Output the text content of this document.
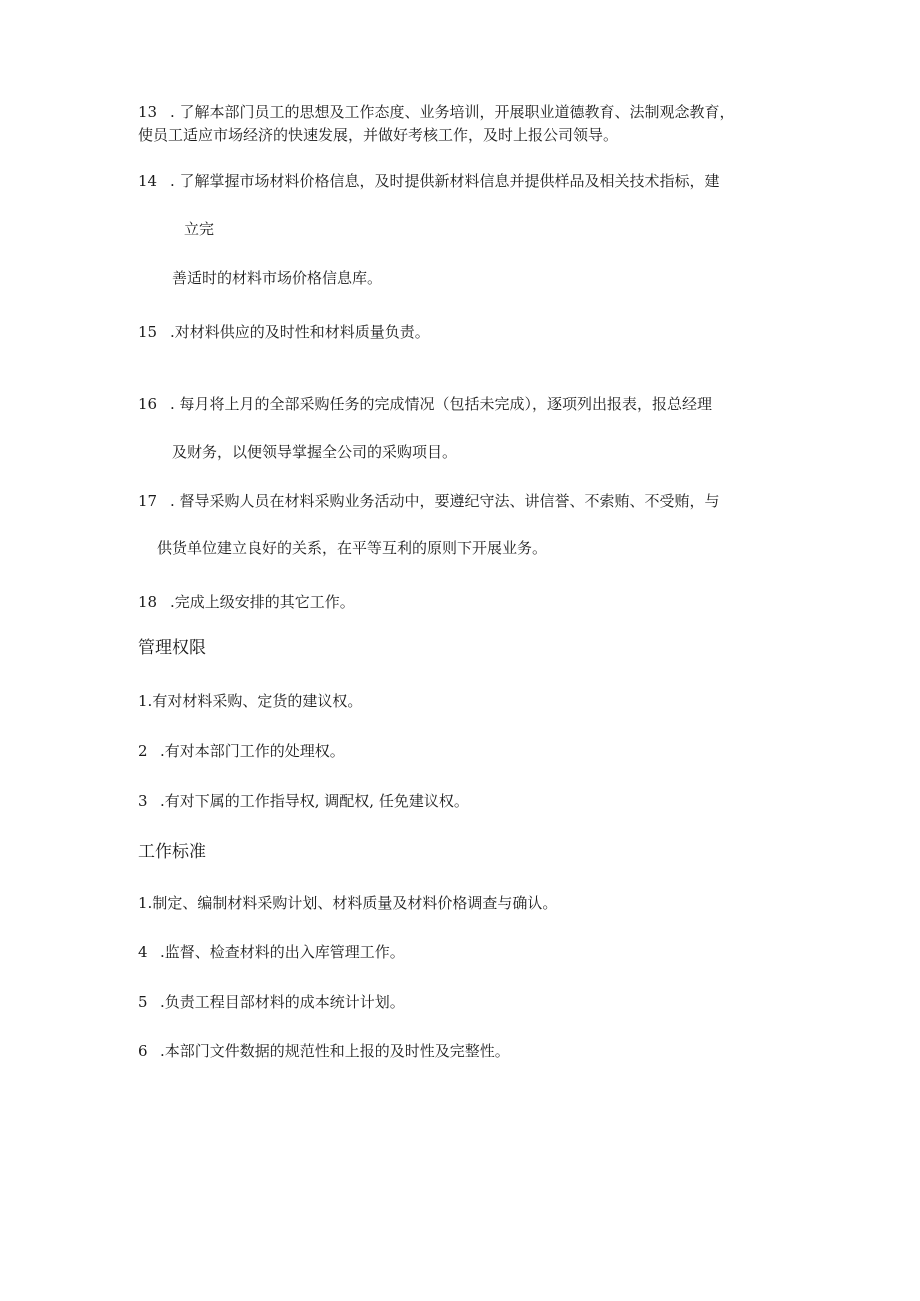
13 . 了解本部门员工的思想及工作态度、业务培训，开展职业道德教育、法制观念教育，
使员工适应市场经济的快速发展，并做好考核工作，及时上报公司领导。
14 . 了解掌握市场材料价格信息，及时提供新材料信息并提供样品及相关技术指标，建
立完
善适时的材料市场价格信息库。
15 .对材料供应的及时性和材料质量负责。
16 . 每月将上月的全部采购任务的完成情况（包括未完成），逐项列出报表，报总经理
及财务，以便领导掌握全公司的采购项目。
17 . 督导采购人员在材料采购业务活动中，要遵纪守法、讲信誉、不索贿、不受贿，与
供货单位建立良好的关系，在平等互利的原则下开展业务。
18 .完成上级安排的其它工作。
管理权限
1.有对材料采购、定货的建议权。
2 .有对本部门工作的处理权。
3 .有对下属的工作指导权, 调配权, 任免建议权。
工作标准
1.制定、编制材料采购计划、材料质量及材料价格调查与确认。
4 .监督、检查材料的出入库管理工作。
5 .负责工程目部材料的成本统计计划。
6 .本部门文件数据的规范性和上报的及时性及完整性。
